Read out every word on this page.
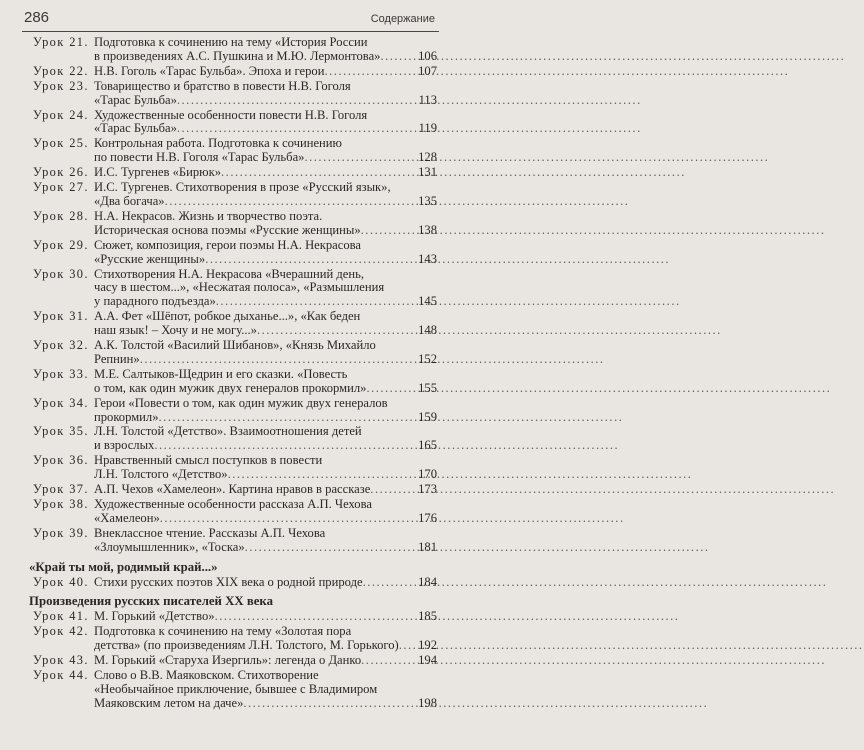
286	Содержание
Урок 21. Подготовка к сочинению на тему «История России
в произведениях А.С. Пушкина и М.Ю. Лермонтова» .....	106
Урок 22. Н.В. Гоголь «Тарас Бульба». Эпоха и герои .....	107
Урок 23. Товарищество и братство в повести Н.В. Гоголя
«Тарас Бульба» .....	113
Урок 24. Художественные особенности повести Н.В. Гоголя
«Тарас Бульба» .....	119
Урок 25. Контрольная работа. Подготовка к сочинению
по повести Н.В. Гоголя «Тарас Бульба» .....	128
Урок 26. И.С. Тургенев «Бирюк» .....	131
Урок 27. И.С. Тургенев. Стихотворения в прозе «Русский язык»,
«Два богача» .....	135
Урок 28. Н.А. Некрасов. Жизнь и творчество поэта.
Историческая основа поэмы «Русские женщины» .....	138
Урок 29. Сюжет, композиция, герои поэмы Н.А. Некрасова
«Русские женщины» .....	143
Урок 30. Стихотворения Н.А. Некрасова «Вчерашний день,
часу в шестом...», «Несжатая полоса», «Размышления
у парадного подъезда» .....	145
Урок 31. А.А. Фет «Шёпот, робкое дыханье...», «Как беден
наш язык! – Хочу и не могу...» .....	148
Урок 32. А.К. Толстой «Василий Шибанов», «Князь Михайло
Репнин» .....	152
Урок 33. М.Е. Салтыков-Щедрин и его сказки. «Повесть
о том, как один мужик двух генералов прокормил» .....	155
Урок 34. Герои «Повести о том, как один мужик двух генералов
прокормил» .....	159
Урок 35. Л.Н. Толстой «Детство». Взаимоотношения детей
и взрослых .....	165
Урок 36. Нравственный смысл поступков в повести
Л.Н. Толстого «Детство» .....	170
Урок 37. А.П. Чехов «Хамелеон». Картина нравов в рассказе .....	173
Урок 38. Художественные особенности рассказа А.П. Чехова
«Хамелеон» .....	176
Урок 39. Внеклассное чтение. Рассказы А.П. Чехова
«Злоумышленник», «Тоска» .....	181
«Край ты мой, родимый край...»
Урок 40. Стихи русских поэтов XIX века о родной природе .....	184
Произведения русских писателей XX века
Урок 41. М. Горький «Детство» .....	185
Урок 42. Подготовка к сочинению на тему «Золотая пора
детства» (по произведениям Л.Н. Толстого, М. Горького) ..... 192
Урок 43. М. Горький «Старуха Изергиль»: легенда о Данко .....	194
Урок 44. Слово о В.В. Маяковском. Стихотворение
«Необычайное приключение, бывшее с Владимиром
Маяковским летом на даче» .....	198
